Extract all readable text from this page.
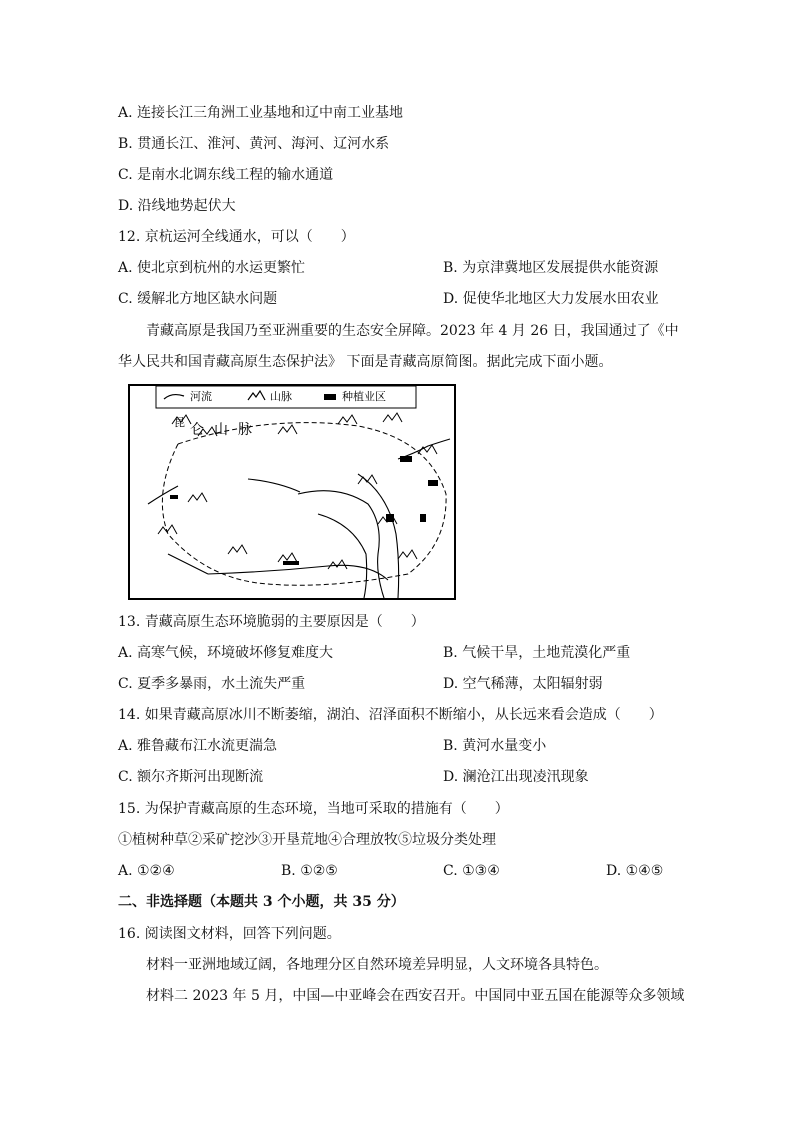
A. 连接长江三角洲工业基地和辽中南工业基地
B. 贯通长江、淮河、黄河、海河、辽河水系
C. 是南水北调东线工程的输水通道
D. 沿线地势起伏大
12. 京杭运河全线通水，可以（　　）
A. 使北京到杭州的水运更繁忙	B. 为京津冀地区发展提供水能资源
C. 缓解北方地区缺水问题	D. 促使华北地区大力发展水田农业
青藏高原是我国乃至亚洲重要的生态安全屏障。2023 年 4 月 26 日，我国通过了《中
华人民共和国青藏高原生态保护法》 下面是青藏高原简图。据此完成下面小题。
河流	山脉	种植业区
昆 仑山脉
13. 青藏高原生态环境脆弱的主要原因是（　　）
A. 高寒气候，环境破坏修复难度大	B. 气候干旱，土地荒漠化严重
C. 夏季多暴雨，水土流失严重	D. 空气稀薄，太阳辐射弱
14. 如果青藏高原冰川不断萎缩，湖泊、沼泽面积不断缩小，从长远来看会造成（　　）
A. 雅鲁藏布江水流更湍急	B. 黄河水量变小
C. 额尔齐斯河出现断流	D. 澜沧江出现凌汛现象
15. 为保护青藏高原的生态环境，当地可采取的措施有（　　）
①植树种草②采矿挖沙③开垦荒地④合理放牧⑤垃圾分类处理
A. ①②④	B. ①②⑤	C. ①③④	D. ①④⑤
二、非选择题（本题共 3 个小题，共 35 分）
16. 阅读图文材料，回答下列问题。
材料一亚洲地域辽阔，各地理分区自然环境差异明显，人文环境各具特色。
材料二 2023 年 5 月，中国—中亚峰会在西安召开。中国同中亚五国在能源等众多领域
